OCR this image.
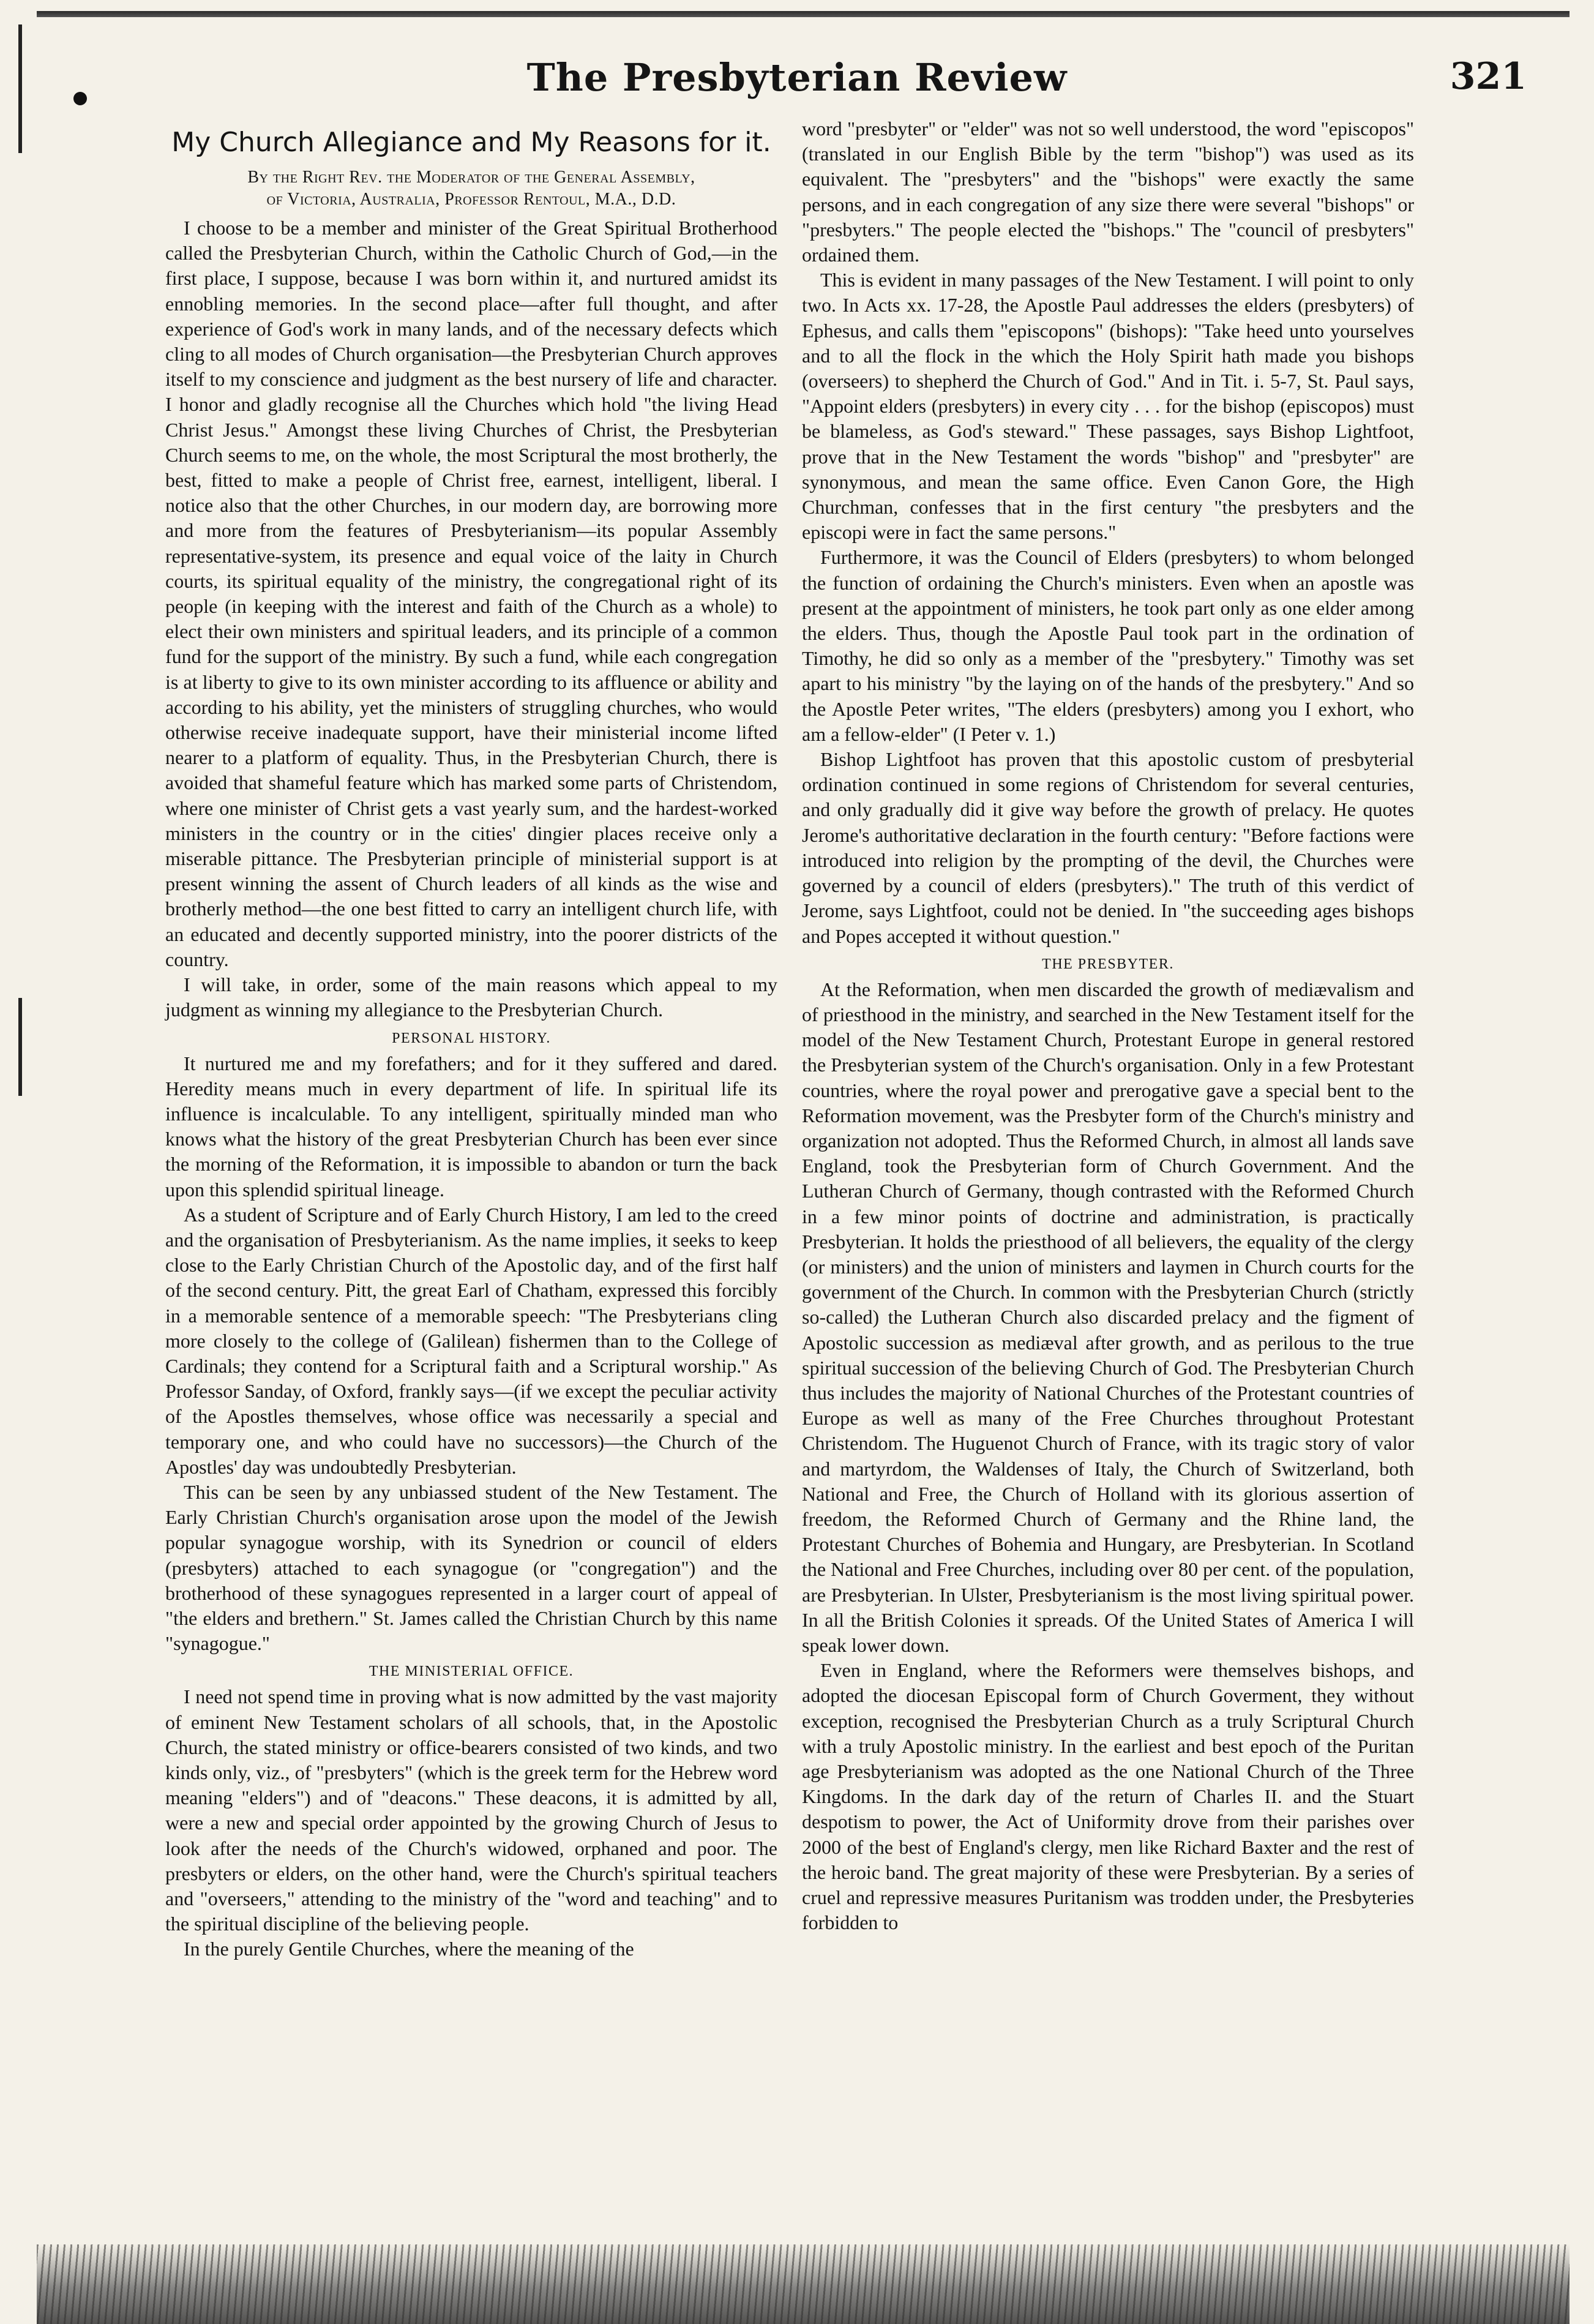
The Presbyterian Review	321
My Church Allegiance and My Reasons for it.
By the Right Rev. the Moderator of the General Assembly,
of Victoria, Australia, Professor Rentoul, M.A., D.D.

I choose to be a member and minister of the Great Spiritual Brotherhood called the Presbyterian Church, within the Catholic Church of God,—in the first place, I suppose, because I was born within it, and nurtured amidst its ennobling memories. In the second place—after full thought, and after experience of God's work in many lands, and of the necessary defects which cling to all modes of Church organisation—the Presbyterian Church approves itself to my conscience and judgment as the best nursery of life and character. I honor and gladly recognise all the Churches which hold "the living Head Christ Jesus." Amongst these living Churches of Christ, the Presbyterian Church seems to me, on the whole, the most Scriptural the most brotherly, the best, fitted to make a people of Christ free, earnest, intelligent, liberal. I notice also that the other Churches, in our modern day, are borrowing more and more from the features of Presbyterianism—its popular Assembly representative-system, its presence and equal voice of the laity in Church courts, its spiritual equality of the ministry, the congregational right of its people (in keeping with the interest and faith of the Church as a whole) to elect their own ministers and spiritual leaders, and its principle of a common fund for the support of the ministry. By such a fund, while each congregation is at liberty to give to its own minister according to its affluence or ability and according to his ability, yet the ministers of struggling churches, who would otherwise receive inadequate support, have their ministerial income lifted nearer to a platform of equality. Thus, in the Presbyterian Church, there is avoided that shameful feature which has marked some parts of Christendom, where one minister of Christ gets a vast yearly sum, and the hardest-worked ministers in the country or in the cities' dingier places receive only a miserable pittance. The Presbyterian principle of ministerial support is at present winning the assent of Church leaders of all kinds as the wise and brotherly method—the one best fitted to carry an intelligent church life, with an educated and decently supported ministry, into the poorer districts of the country.

I will take, in order, some of the main reasons which appeal to my judgment as winning my allegiance to the Presbyterian Church.

PERSONAL HISTORY.

It nurtured me and my forefathers; and for it they suffered and dared. Heredity means much in every department of life. In spiritual life its influence is incalculable. To any intelligent, spiritually minded man who knows what the history of the great Presbyterian Church has been ever since the morning of the Reformation, it is impossible to abandon or turn the back upon this splendid spiritual lineage.

As a student of Scripture and of Early Church History, I am led to the creed and the organisation of Presbyterianism. As the name implies, it seeks to keep close to the Early Christian Church of the Apostolic day, and of the first half of the second century. Pitt, the great Earl of Chatham, expressed this forcibly in a memorable sentence of a memorable speech: "The Presbyterians cling more closely to the college of (Galilean) fishermen than to the College of Cardinals; they contend for a Scriptural faith and a Scriptural worship." As Professor Sanday, of Oxford, frankly says—(if we except the peculiar activity of the Apostles themselves, whose office was necessarily a special and temporary one, and who could have no successors)—the Church of the Apostles' day was undoubtedly Presbyterian.

This can be seen by any unbiassed student of the New Testament. The Early Christian Church's organisation arose upon the model of the Jewish popular synagogue worship, with its Synedrion or council of elders (presbyters) attached to each synagogue (or "congregation") and the brotherhood of these synagogues represented in a larger court of appeal of "the elders and brethern." St. James called the Christian Church by this name "synagogue."

THE MINISTERIAL OFFICE.

I need not spend time in proving what is now admitted by the vast majority of eminent New Testament scholars of all schools, that, in the Apostolic Church, the stated ministry or office-bearers consisted of two kinds, and two kinds only, viz., of "presbyters" (which is the greek term for the Hebrew word meaning "elders") and of "deacons." These deacons, it is admitted by all, were a new and special order appointed by the growing Church of Jesus to look after the needs of the Church's widowed, orphaned and poor. The presbyters or elders, on the other hand, were the Church's spiritual teachers and "overseers," attending to the ministry of the "word and teaching" and to the spiritual discipline of the believing people.

In the purely Gentile Churches, where the meaning of the

word "presbyter" or "elder" was not so well understood, the word "episcopos" (translated in our English Bible by the term "bishop") was used as its equivalent. The "presbyters" and the "bishops" were exactly the same persons, and in each congregation of any size there were several "bishops" or "presbyters." The people elected the "bishops." The "council of presbyters" ordained them.

This is evident in many passages of the New Testament. I will point to only two. In Acts xx. 17-28, the Apostle Paul addresses the elders (presbyters) of Ephesus, and calls them "episcopons" (bishops): "Take heed unto yourselves and to all the flock in the which the Holy Spirit hath made you bishops (overseers) to shepherd the Church of God." And in Tit. i. 5-7, St. Paul says, "Appoint elders (presbyters) in every city . . . for the bishop (episcopos) must be blameless, as God's steward." These passages, says Bishop Lightfoot, prove that in the New Testament the words "bishop" and "presbyter" are synonymous, and mean the same office. Even Canon Gore, the High Churchman, confesses that in the first century "the presbyters and the episcopi were in fact the same persons."

Furthermore, it was the Council of Elders (presbyters) to whom belonged the function of ordaining the Church's ministers. Even when an apostle was present at the appointment of ministers, he took part only as one elder among the elders. Thus, though the Apostle Paul took part in the ordination of Timothy, he did so only as a member of the "presbytery." Timothy was set apart to his ministry "by the laying on of the hands of the presbytery." And so the Apostle Peter writes, "The elders (presbyters) among you I exhort, who am a fellow-elder" (I Peter v. 1.)

Bishop Lightfoot has proven that this apostolic custom of presbyterial ordination continued in some regions of Christendom for several centuries, and only gradually did it give way before the growth of prelacy. He quotes Jerome's authoritative declaration in the fourth century: "Before factions were introduced into religion by the prompting of the devil, the Churches were governed by a council of elders (presbyters)." The truth of this verdict of Jerome, says Lightfoot, could not be denied. In "the succeeding ages bishops and Popes accepted it without question."

THE PRESBYTER.

At the Reformation, when men discarded the growth of mediævalism and of priesthood in the ministry, and searched in the New Testament itself for the model of the New Testament Church, Protestant Europe in general restored the Presbyterian system of the Church's organisation. Only in a few Protestant countries, where the royal power and prerogative gave a special bent to the Reformation movement, was the Presbyter form of the Church's ministry and organization not adopted. Thus the Reformed Church, in almost all lands save England, took the Presbyterian form of Church Government. And the Lutheran Church of Germany, though contrasted with the Reformed Church in a few minor points of doctrine and administration, is practically Presbyterian. It holds the priesthood of all believers, the equality of the clergy (or ministers) and the union of ministers and laymen in Church courts for the government of the Church. In common with the Presbyterian Church (strictly so-called) the Lutheran Church also discarded prelacy and the figment of Apostolic succession as mediæval after growth, and as perilous to the true spiritual succession of the believing Church of God. The Presbyterian Church thus includes the majority of National Churches of the Protestant countries of Europe as well as many of the Free Churches throughout Protestant Christendom. The Huguenot Church of France, with its tragic story of valor and martyrdom, the Waldenses of Italy, the Church of Switzerland, both National and Free, the Church of Holland with its glorious assertion of freedom, the Reformed Church of Germany and the Rhine land, the Protestant Churches of Bohemia and Hungary, are Presbyterian. In Scotland the National and Free Churches, including over 80 per cent. of the population, are Presbyterian. In Ulster, Presbyterianism is the most living spiritual power. In all the British Colonies it spreads. Of the United States of America I will speak lower down.

Even in England, where the Reformers were themselves bishops, and adopted the diocesan Episcopal form of Church Goverment, they without exception, recognised the Presbyterian Church as a truly Scriptural Church with a truly Apostolic ministry. In the earliest and best epoch of the Puritan age Presbyterianism was adopted as the one National Church of the Three Kingdoms. In the dark day of the return of Charles II. and the Stuart despotism to power, the Act of Uniformity drove from their parishes over 2000 of the best of England's clergy, men like Richard Baxter and the rest of the heroic band. The great majority of these were Presbyterian. By a series of cruel and repressive measures Puritanism was trodden under, the Presbyteries forbidden to
